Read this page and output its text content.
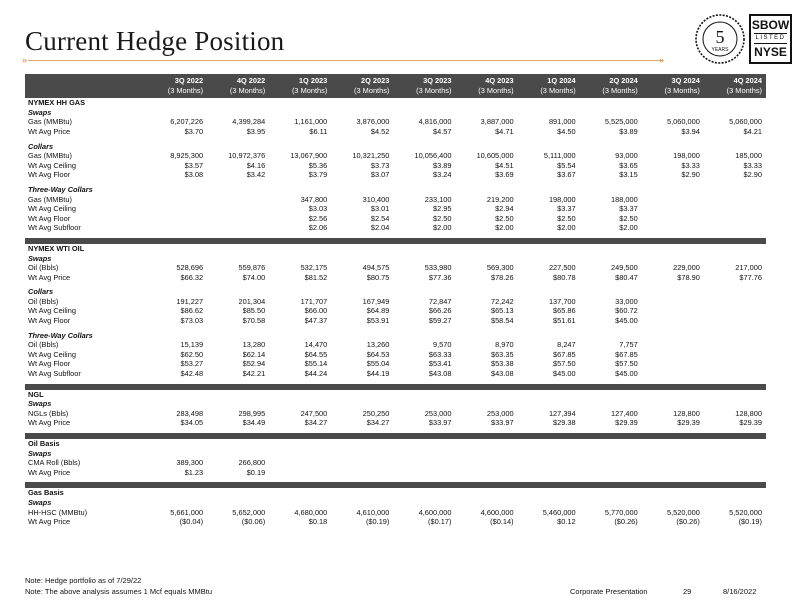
Current Hedge Position
»	»
5
YEARS
SBOW
LISTED
NYSE
	3Q 2022	4Q 2022	1Q 2023	2Q 2023	3Q 2023	4Q 2023	1Q 2024	2Q 2024	3Q 2024	4Q 2024
	(3 Months)	(3 Months)	(3 Months)	(3 Months)	(3 Months)	(3 Months)	(3 Months)	(3 Months)	(3 Months)	(3 Months)
NYMEX HH GAS										
Swaps										
Gas (MMBtu)	6,207,226	4,399,284	1,161,000	3,876,000	4,816,000	3,887,000	891,000	5,525,000	5,060,000	5,060,000
Wt Avg Price	$3.70	$3.95	$6.11	$4.52	$4.57	$4.71	$4.50	$3.89	$3.94	$4.21

Collars										
Gas (MMBtu)	8,925,300	10,972,376	13,067,900	10,321,250	10,056,400	10,605,000	5,111,000	93,000	198,000	185,000
Wt Avg Ceiling	$3.57	$4.16	$5.36	$3.73	$3.89	$4.51	$5.54	$3.65	$3.33	$3.33
Wt Avg Floor	$3.08	$3.42	$3.79	$3.07	$3.24	$3.69	$3.67	$3.15	$2.90	$2.90

Three-Way Collars										
Gas (MMBtu)			347,800	310,400	233,100	219,200	198,000	188,000		
Wt Avg Ceiling			$3.03	$3.01	$2.95	$2.94	$3.37	$3.37		
Wt Avg Floor			$2.56	$2.54	$2.50	$2.50	$2.50	$2.50		
Wt Avg Subfloor			$2.06	$2.04	$2.00	$2.00	$2.00	$2.00		

NYMEX WTI OIL										
Swaps										
Oil (Bbls)	528,696	559,876	532,175	494,575	533,980	569,300	227,500	249,500	229,000	217,000
Wt Avg Price	$66.32	$74.00	$81.52	$80.75	$77.36	$78.26	$80.78	$80.47	$78.90	$77.76

Collars										
Oil (Bbls)	191,227	201,304	171,707	167,949	72,847	72,242	137,700	33,000		
Wt Avg Ceiling	$86.62	$85.50	$66.00	$64.89	$66.26	$65.13	$65.86	$60.72		
Wt Avg Floor	$73.03	$70.58	$47.37	$53.91	$59.27	$58.54	$51.61	$45.00		

Three-Way Collars										
Oil (Bbls)	15,139	13,280	14,470	13,260	9,570	8,970	8,247	7,757		
Wt Avg Ceiling	$62.50	$62.14	$64.55	$64.53	$63.33	$63.35	$67.85	$67.85		
Wt Avg Floor	$53.27	$52.94	$55.14	$55.04	$53.41	$53.38	$57.50	$57.50		
Wt Avg Subfloor	$42.48	$42.21	$44.24	$44.19	$43.08	$43.08	$45.00	$45.00		

NGL										
Swaps										
NGLs (Bbls)	283,498	298,995	247,500	250,250	253,000	253,000	127,394	127,400	128,800	128,800
Wt Avg Price	$34.05	$34.49	$34.27	$34.27	$33.97	$33.97	$29.38	$29.39	$29.39	$29.39

Oil Basis										
Swaps										
CMA Roll (Bbls)	389,300	266,800								
Wt Avg Price	$1.23	$0.19								

Gas Basis										
Swaps										
HH-HSC (MMBtu)	5,661,000	5,652,000	4,680,000	4,610,000	4,600,000	4,600,000	5,460,000	5,770,000	5,520,000	5,520,000
Wt Avg Price	($0.04)	($0.06)	$0.18	($0.19)	($0.17)	($0.14)	$0.12	($0.26)	($0.26)	($0.19)
Note: Hedge portfolio as of 7/29/22
Note: The above analysis assumes 1 Mcf equals MMBtu	Corporate Presentation	29	8/16/2022
